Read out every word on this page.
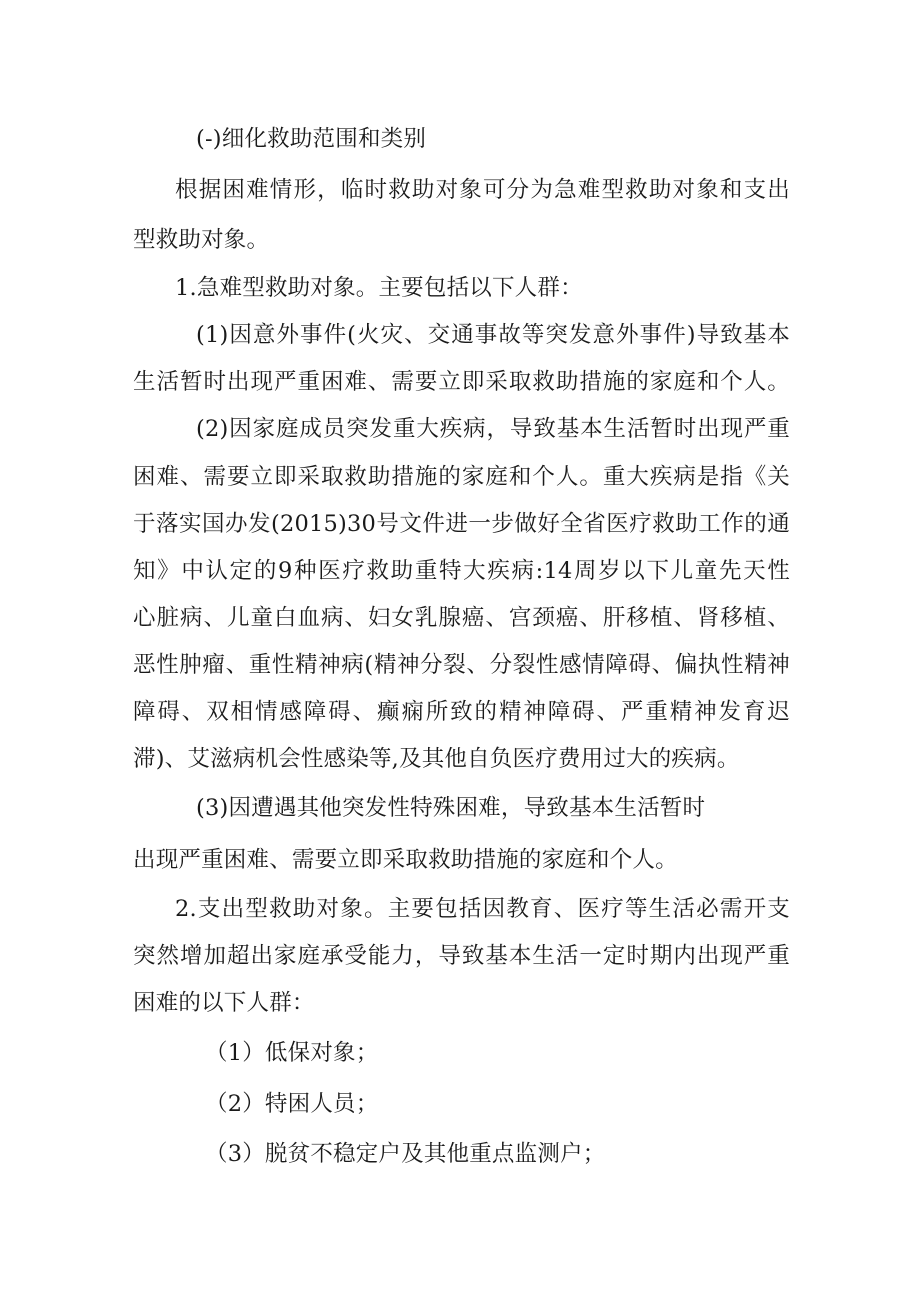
(-)细化救助范围和类别
根据困难情形，临时救助对象可分为急难型救助对象和支出
型救助对象。
1.急难型救助对象。主要包括以下人群：
(1)因意外事件(火灾、交通事故等突发意外事件)导致基本
生活暂时出现严重困难、需要立即采取救助措施的家庭和个人。
(2)因家庭成员突发重大疾病，导致基本生活暂时出现严重
困难、需要立即采取救助措施的家庭和个人。重大疾病是指《关
于落实国办发(2015)30号文件进一步做好全省医疗救助工作的通
知》中认定的9种医疗救助重特大疾病:14周岁以下儿童先天性
心脏病、儿童白血病、妇女乳腺癌、宫颈癌、肝移植、肾移植、
恶性肿瘤、重性精神病(精神分裂、分裂性感情障碍、偏执性精神
障碍、双相情感障碍、癫痫所致的精神障碍、严重精神发育迟
滞)、艾滋病机会性感染等,及其他自负医疗费用过大的疾病。
(3)因遭遇其他突发性特殊困难，导致基本生活暂时
出现严重困难、需要立即采取救助措施的家庭和个人。
2.支出型救助对象。主要包括因教育、医疗等生活必需开支
突然增加超出家庭承受能力，导致基本生活一定时期内出现严重
困难的以下人群：
（1）低保对象；
（2）特困人员；
（3）脱贫不稳定户及其他重点监测户；
